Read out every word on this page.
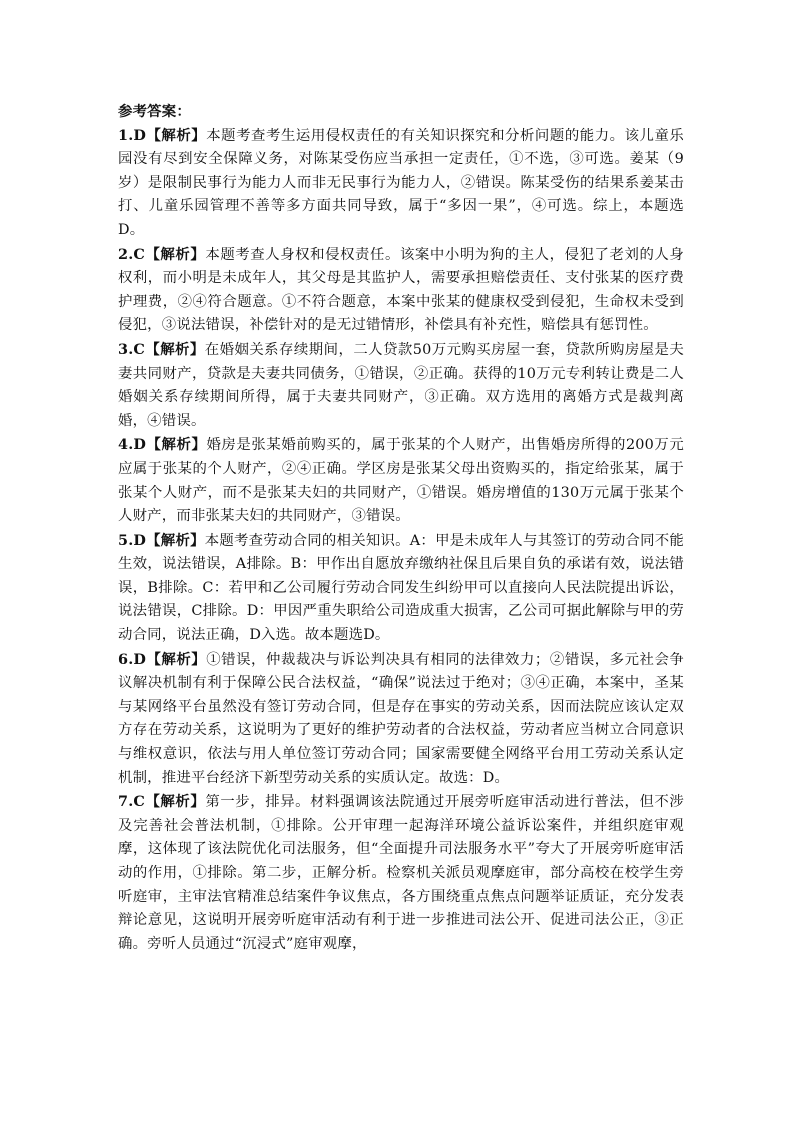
参考答案：

1.D【解析】本题考查考生运用侵权责任的有关知识探究和分析问题的能力。该儿童乐园没有尽到安全保障义务，对陈某受伤应当承担一定责任，①不选，③可选。姜某（9岁）是限制民事行为能力人而非无民事行为能力人，②错误。陈某受伤的结果系姜某击打、儿童乐园管理不善等多方面共同导致，属于“多因一果”，④可选。综上，本题选D。

2.C【解析】本题考查人身权和侵权责任。该案中小明为狗的主人，侵犯了老刘的人身权利，而小明是未成年人，其父母是其监护人，需要承担赔偿责任、支付张某的医疗费护理费，②④符合题意。①不符合题意，本案中张某的健康权受到侵犯，生命权未受到侵犯，③说法错误，补偿针对的是无过错情形，补偿具有补充性，赔偿具有惩罚性。

3.C【解析】在婚姻关系存续期间，二人贷款50万元购买房屋一套，贷款所购房屋是夫妻共同财产，贷款是夫妻共同债务，①错误，②正确。获得的10万元专利转让费是二人婚姻关系存续期间所得，属于夫妻共同财产，③正确。双方选用的离婚方式是裁判离婚，④错误。

4.D【解析】婚房是张某婚前购买的，属于张某的个人财产，出售婚房所得的200万元应属于张某的个人财产，②④正确。学区房是张某父母出资购买的，指定给张某，属于张某个人财产，而不是张某夫妇的共同财产，①错误。婚房增值的130万元属于张某个人财产，而非张某夫妇的共同财产，③错误。

5.D【解析】本题考查劳动合同的相关知识。A：甲是未成年人与其签订的劳动合同不能生效，说法错误，A排除。B：甲作出自愿放弃缴纳社保且后果自负的承诺有效，说法错误，B排除。C：若甲和乙公司履行劳动合同发生纠纷甲可以直接向人民法院提出诉讼，说法错误，C排除。D：甲因严重失职给公司造成重大损害，乙公司可据此解除与甲的劳动合同，说法正确，D入选。故本题选D。

6.D【解析】①错误，仲裁裁决与诉讼判决具有相同的法律效力；②错误，多元社会争议解决机制有利于保障公民合法权益，“确保”说法过于绝对；③④正确，本案中，圣某与某网络平台虽然没有签订劳动合同，但是存在事实的劳动关系，因而法院应该认定双方存在劳动关系，这说明为了更好的维护劳动者的合法权益，劳动者应当树立合同意识与维权意识，依法与用人单位签订劳动合同；国家需要健全网络平台用工劳动关系认定机制，推进平台经济下新型劳动关系的实质认定。故选：D。

7.C【解析】第一步，排异。材料强调该法院通过开展旁听庭审活动进行普法，但不涉及完善社会普法机制，①排除。公开审理一起海洋环境公益诉讼案件，并组织庭审观摩，这体现了该法院优化司法服务，但“全面提升司法服务水平”夸大了开展旁听庭审活动的作用，①排除。第二步，正解分析。检察机关派员观摩庭审，部分高校在校学生旁听庭审，主审法官精准总结案件争议焦点，各方围绕重点焦点问题举证质证，充分发表辩论意见，这说明开展旁听庭审活动有利于进一步推进司法公开、促进司法公正，③正确。旁听人员通过“沉浸式”庭审观摩，
